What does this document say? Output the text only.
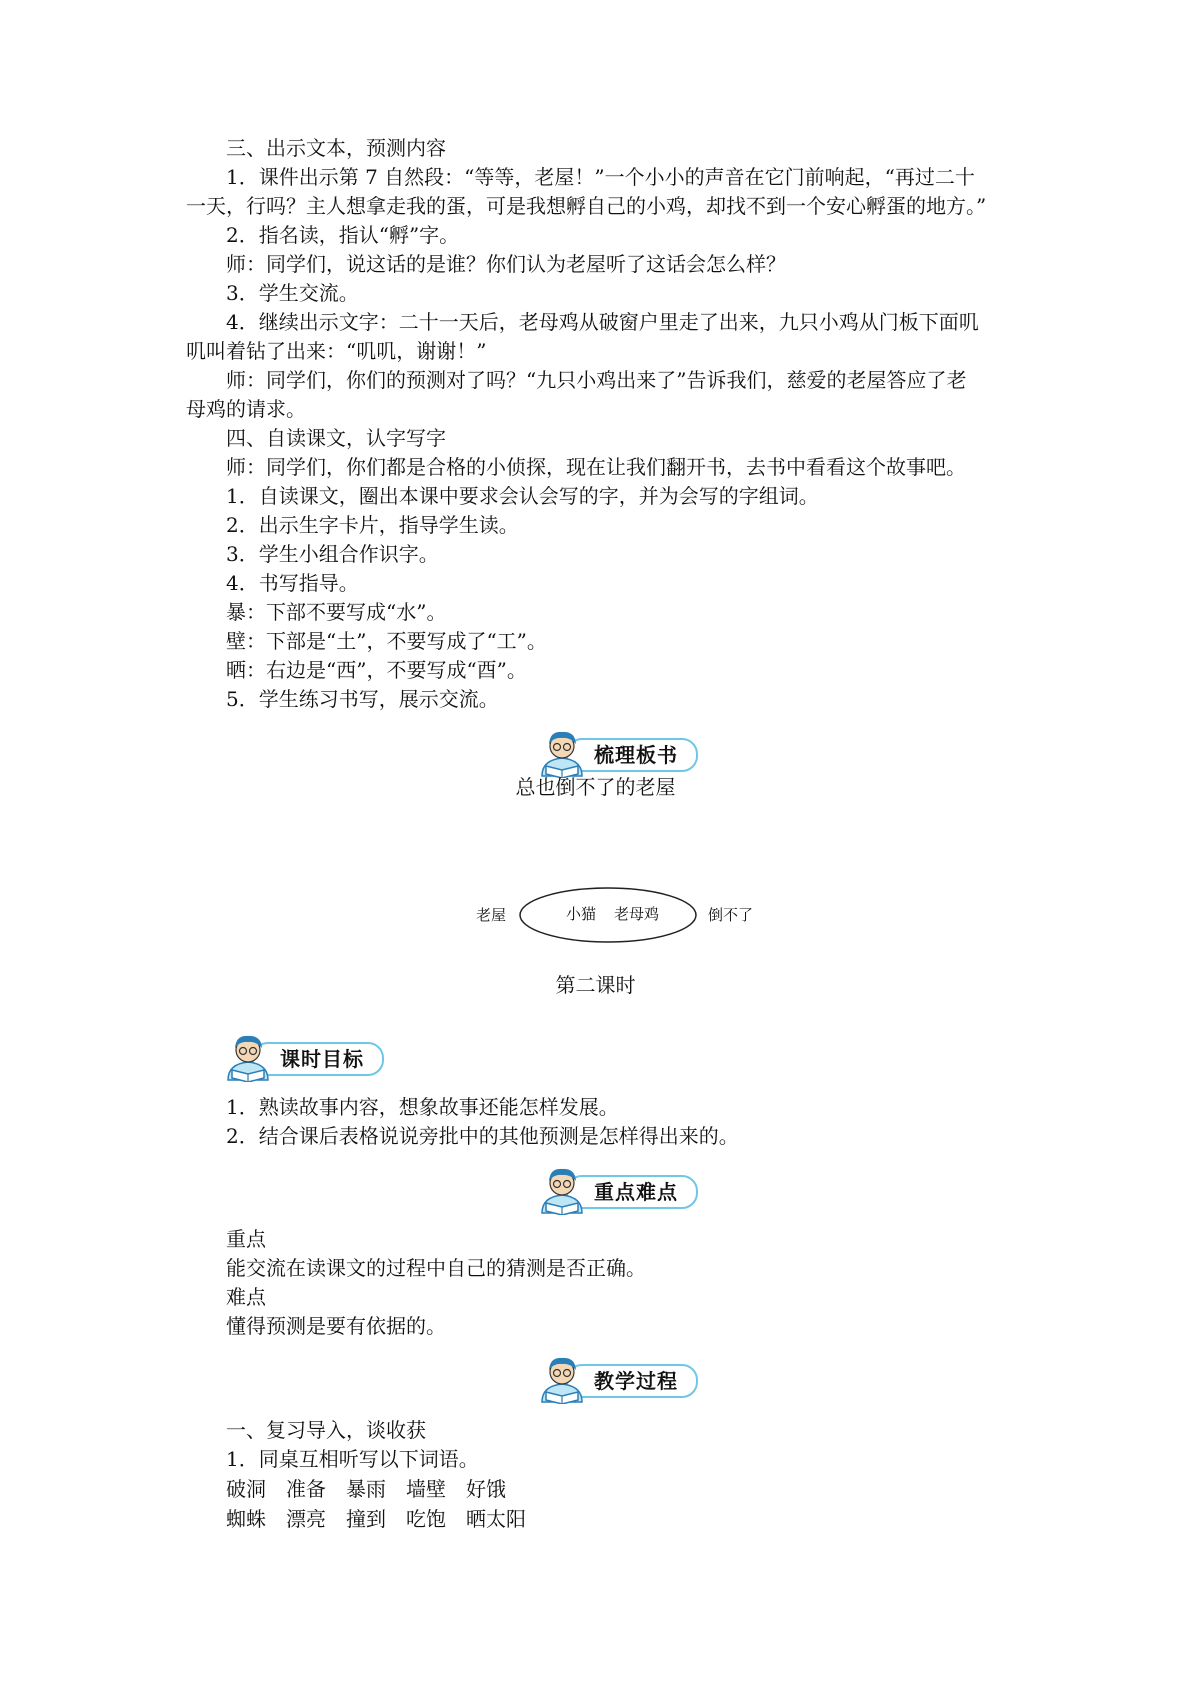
三、出示文本，预测内容
1．课件出示第 7 自然段：“等等，老屋！”一个小小的声音在它门前响起，“再过二十
一天，行吗？主人想拿走我的蛋，可是我想孵自己的小鸡，却找不到一个安心孵蛋的地方。”
2．指名读，指认“孵”字。
师：同学们，说这话的是谁？你们认为老屋听了这话会怎么样？
3．学生交流。
4．继续出示文字：二十一天后，老母鸡从破窗户里走了出来，九只小鸡从门板下面叽
叽叫着钻了出来：“叽叽，谢谢！”
师：同学们，你们的预测对了吗？“九只小鸡出来了”告诉我们，慈爱的老屋答应了老
母鸡的请求。
四、自读课文，认字写字
师：同学们，你们都是合格的小侦探，现在让我们翻开书，去书中看看这个故事吧。
1．自读课文，圈出本课中要求会认会写的字，并为会写的字组词。
2．出示生字卡片，指导学生读。
3．学生小组合作识字。
4．书写指导。
暴：下部不要写成“水”。
壁：下部是“土”，不要写成了“工”。
晒：右边是“西”，不要写成“酉”。
5．学生练习书写，展示交流。
梳理板书
总也倒不了的老屋
老屋	小猫 老母鸡	倒不了
第二课时
课时目标
1．熟读故事内容，想象故事还能怎样发展。
2．结合课后表格说说旁批中的其他预测是怎样得出来的。
重点难点
重点
能交流在读课文的过程中自己的猜测是否正确。
难点
懂得预测是要有依据的。
教学过程
一、复习导入，谈收获
1．同桌互相听写以下词语。
破洞　准备　暴雨　墙壁　好饿
蜘蛛　漂亮　撞到　吃饱　晒太阳
